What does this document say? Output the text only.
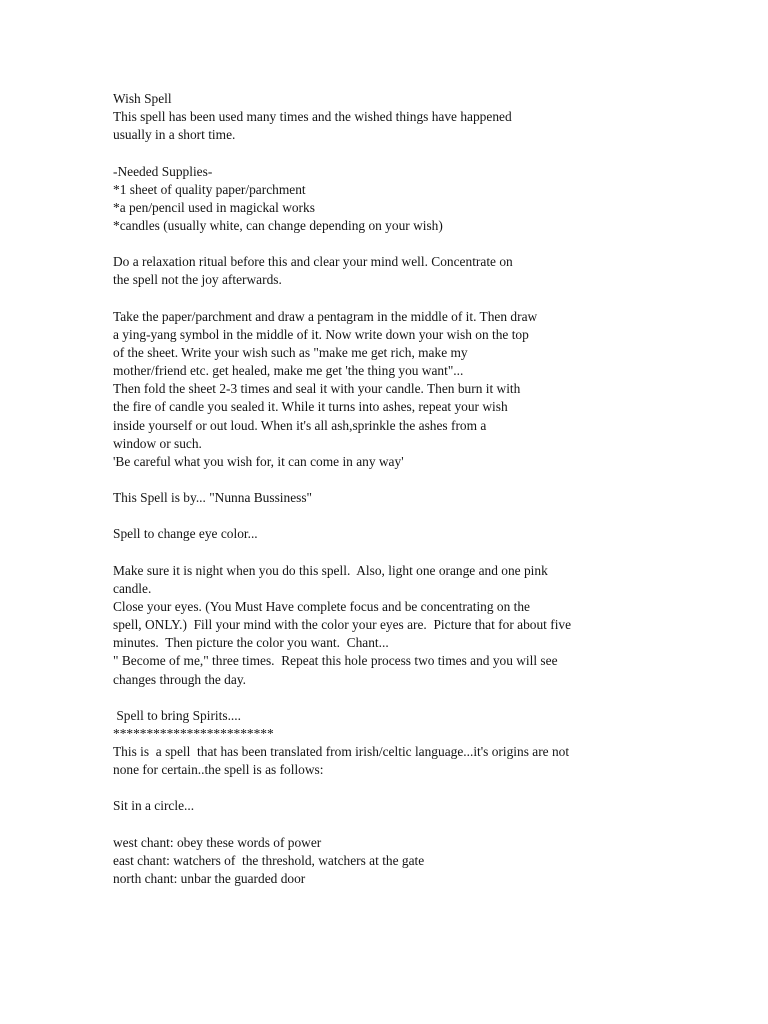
Wish Spell
This spell has been used many times and the wished things have happened
usually in a short time.
-Needed Supplies-
*1 sheet of quality paper/parchment
*a pen/pencil used in magickal works
*candles (usually white, can change depending on your wish)
Do a relaxation ritual before this and clear your mind well. Concentrate on
the spell not the joy afterwards.
Take the paper/parchment and draw a pentagram in the middle of it. Then draw
a ying-yang symbol in the middle of it. Now write down your wish on the top
of the sheet. Write your wish such as "make me get rich, make my
mother/friend etc. get healed, make me get 'the thing you want"...
Then fold the sheet 2-3 times and seal it with your candle. Then burn it with
the fire of candle you sealed it. While it turns into ashes, repeat your wish
inside yourself or out loud. When it's all ash,sprinkle the ashes from a
window or such.
'Be careful what you wish for, it can come in any way'
This Spell is by... "Nunna Bussiness"
Spell to change eye color...
Make sure it is night when you do this spell.  Also, light one orange and one pink
candle.
Close your eyes. (You Must Have complete focus and be concentrating on the
spell, ONLY.)  Fill your mind with the color your eyes are.  Picture that for about five
minutes.  Then picture the color you want.  Chant...
" Become of me," three times.  Repeat this hole process two times and you will see
changes through the day.
Spell to bring Spirits....
************************
This is  a spell  that has been translated from irish/celtic language...it's origins are not
none for certain..the spell is as follows:
Sit in a circle...
west chant: obey these words of power
east chant: watchers of  the threshold, watchers at the gate
north chant: unbar the guarded door
